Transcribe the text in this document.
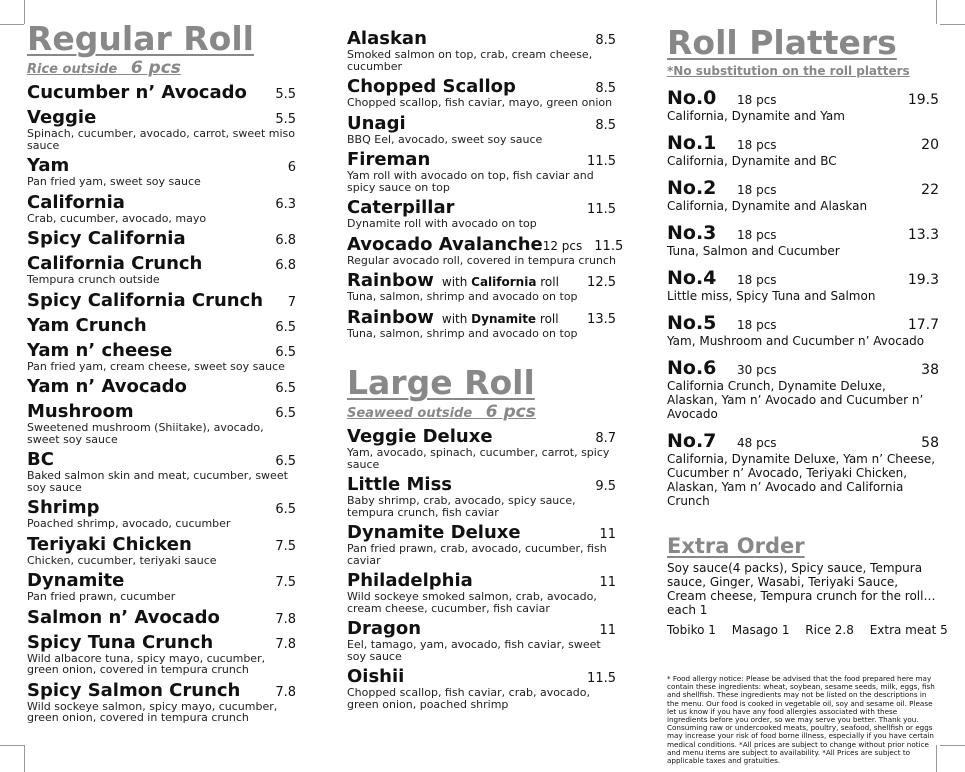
Regular Roll
Rice outside 6 pcs
Cucumber n’ Avocado 5.5
Veggie	5.5
Spinach, cucumber, avocado, carrot, sweet miso sauce
Yam	6
Pan fried yam, sweet soy sauce
California	6.3
Crab, cucumber, avocado, mayo
Spicy California	6.8
California Crunch	6.8
Tempura crunch outside
Spicy California Crunch 7
Yam Crunch	6.5
Yam n’ cheese	6.5
Pan fried yam, cream cheese, sweet soy sauce
Yam n’ Avocado	6.5
Mushroom	6.5
Sweetened mushroom (Shiitake), avocado, sweet soy sauce
BC	6.5
Baked salmon skin and meat, cucumber, sweet soy sauce
Shrimp	6.5
Poached shrimp, avocado, cucumber
Teriyaki Chicken	7.5
Chicken, cucumber, teriyaki sauce
Dynamite	7.5
Pan fried prawn, cucumber
Salmon n’ Avocado	7.8
Spicy Tuna Crunch	7.8
Wild albacore tuna, spicy mayo, cucumber, green onion, covered in tempura crunch
Spicy Salmon Crunch	7.8
Wild sockeye salmon, spicy mayo, cucumber, green onion, covered in tempura crunch
Alaskan	8.5
Smoked salmon on top, crab, cream cheese, cucumber
Chopped Scallop	8.5
Chopped scallop, fish caviar, mayo, green onion
Unagi	8.5
BBQ Eel, avocado, sweet soy sauce
Fireman	11.5
Yam roll with avocado on top, fish caviar and spicy sauce on top
Caterpillar	11.5
Dynamite roll with avocado on top
Avocado Avalanche 12 pcs 11.5
Regular avocado roll, covered in tempura crunch
Rainbow with California roll 12.5
Tuna, salmon, shrimp and avocado on top
Rainbow with Dynamite roll 13.5
Tuna, salmon, shrimp and avocado on top
Large Roll
Seaweed outside 6 pcs
Veggie Deluxe	8.7
Yam, avocado, spinach, cucumber, carrot, spicy sauce
Little Miss	9.5
Baby shrimp, crab, avocado, spicy sauce, tempura crunch, fish caviar
Dynamite Deluxe	11
Pan fried prawn, crab, avocado, cucumber, fish caviar
Philadelphia	11
Wild sockeye smoked salmon, crab, avocado, cream cheese, cucumber, fish caviar
Dragon	11
Eel, tamago, yam, avocado, fish caviar, sweet soy sauce
Oishii	11.5
Chopped scallop, fish caviar, crab, avocado, green onion, poached shrimp
Roll Platters
*No substitution on the roll platters
No.0	18 pcs	19.5
California, Dynamite and Yam
No.1	18 pcs	20
California, Dynamite and BC
No.2	18 pcs	22
California, Dynamite and Alaskan
No.3	18 pcs	13.3
Tuna, Salmon and Cucumber
No.4	18 pcs	19.3
Little miss, Spicy Tuna and Salmon
No.5	18 pcs	17.7
Yam, Mushroom and Cucumber n’ Avocado
No.6	30 pcs	38
California Crunch, Dynamite Deluxe, Alaskan, Yam n’ Avocado and Cucumber n’ Avocado
No.7	48 pcs	58
California, Dynamite Deluxe, Yam n’ Cheese, Cucumber n’ Avocado, Teriyaki Chicken, Alaskan, Yam n’ Avocado and California Crunch
Extra Order
Soy sauce(4 packs), Spicy sauce, Tempura sauce, Ginger, Wasabi, Teriyaki Sauce, Cream cheese, Tempura crunch for the roll… each 1
Tobiko 1 Masago 1 Rice 2.8 Extra meat 5
* Food allergy notice: Please be advised that the food prepared here may contain these ingredients: wheat, soybean, sesame seeds, milk, eggs, fish and shellfish. These ingredients may not be listed on the descriptions in the menu. Our food is cooked in vegetable oil, soy and sesame oil. Please let us know if you have any food allergies associated with these ingredients before you order, so we may serve you better. Thank you. Consuming raw or undercooked meats, poultry, seafood, shellfish or eggs may increase your risk of food borne illness, especially if you have certain medical conditions. *All prices are subject to change without prior notice and menu items are subject to availability. *All Prices are subject to applicable taxes and gratuities.
